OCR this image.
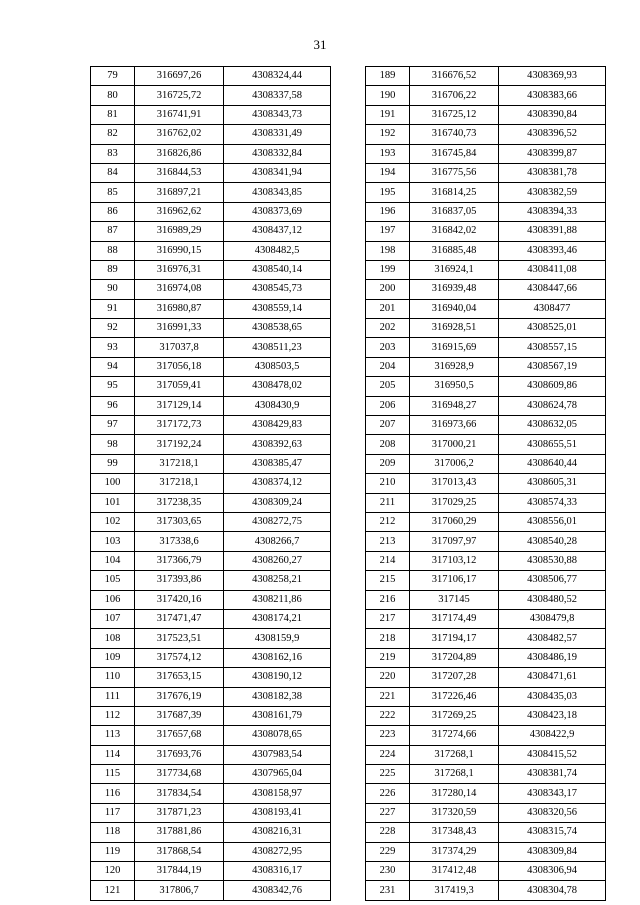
31
79	316697,26	4308324,44
80	316725,72	4308337,58
81	316741,91	4308343,73
82	316762,02	4308331,49
83	316826,86	4308332,84
84	316844,53	4308341,94
85	316897,21	4308343,85
86	316962,62	4308373,69
87	316989,29	4308437,12
88	316990,15	4308482,5
89	316976,31	4308540,14
90	316974,08	4308545,73
91	316980,87	4308559,14
92	316991,33	4308538,65
93	317037,8	4308511,23
94	317056,18	4308503,5
95	317059,41	4308478,02
96	317129,14	4308430,9
97	317172,73	4308429,83
98	317192,24	4308392,63
99	317218,1	4308385,47
100	317218,1	4308374,12
101	317238,35	4308309,24
102	317303,65	4308272,75
103	317338,6	4308266,7
104	317366,79	4308260,27
105	317393,86	4308258,21
106	317420,16	4308211,86
107	317471,47	4308174,21
108	317523,51	4308159,9
109	317574,12	4308162,16
110	317653,15	4308190,12
111	317676,19	4308182,38
112	317687,39	4308161,79
113	317657,68	4308078,65
114	317693,76	4307983,54
115	317734,68	4307965,04
116	317834,54	4308158,97
117	317871,23	4308193,41
118	317881,86	4308216,31
119	317868,54	4308272,95
120	317844,19	4308316,17
121	317806,7	4308342,76
189	316676,52	4308369,93
190	316706,22	4308383,66
191	316725,12	4308390,84
192	316740,73	4308396,52
193	316745,84	4308399,87
194	316775,56	4308381,78
195	316814,25	4308382,59
196	316837,05	4308394,33
197	316842,02	4308391,88
198	316885,48	4308393,46
199	316924,1	4308411,08
200	316939,48	4308447,66
201	316940,04	4308477
202	316928,51	4308525,01
203	316915,69	4308557,15
204	316928,9	4308567,19
205	316950,5	4308609,86
206	316948,27	4308624,78
207	316973,66	4308632,05
208	317000,21	4308655,51
209	317006,2	4308640,44
210	317013,43	4308605,31
211	317029,25	4308574,33
212	317060,29	4308556,01
213	317097,97	4308540,28
214	317103,12	4308530,88
215	317106,17	4308506,77
216	317145	4308480,52
217	317174,49	4308479,8
218	317194,17	4308482,57
219	317204,89	4308486,19
220	317207,28	4308471,61
221	317226,46	4308435,03
222	317269,25	4308423,18
223	317274,66	4308422,9
224	317268,1	4308415,52
225	317268,1	4308381,74
226	317280,14	4308343,17
227	317320,59	4308320,56
228	317348,43	4308315,74
229	317374,29	4308309,84
230	317412,48	4308306,94
231	317419,3	4308304,78
